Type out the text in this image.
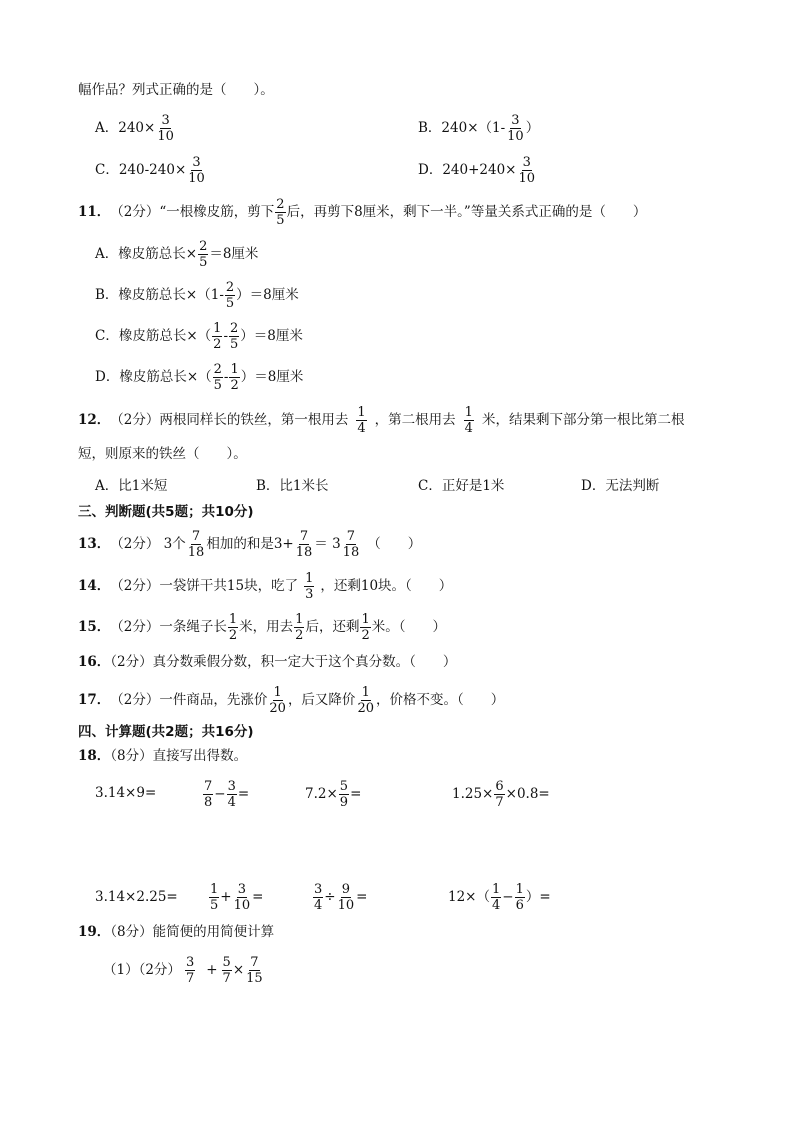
幅作品？列式正确的是（　　）。
A． $240\times \frac{3}{10}$	B． $240\times(1- \frac{3}{10}$ ）
C． $240-240\times \frac{3}{10}$	D． $240+240\times \frac{3}{10}$
11． （2分）“一根橡皮筋，剪下 $\frac{2}{5}$ 后，再剪下8厘米，剩下一半。”等量关系式正确的是（　　）
A． 橡皮筋总长× $\frac{2}{5} =8$厘米
B． 橡皮筋总长$\times(1- \frac{2}{5} )=8$厘米
C． 橡皮筋总长×（ $\frac{1}{2} - \frac{2}{5} )=8$厘米
D． 橡皮筋总长×（ $\frac{2}{5} - \frac{1}{2} )=8$厘米
12． （2分）两根同样长的铁丝，第一根用去 $\frac{1}{4}$ ，第二根用去 $\frac{1}{4}$ 米，结果剩下部分第一根比第二根
短，则原来的铁丝（　　）。
A．比1米短	B．比1米长	C．正好是1米	D．无法判断
三、判断题(共5题；共10分)
13． （2分） 3个 $\frac{7}{18}$ 相加的和是$3+ \frac{7}{18} = 3 \frac{7}{18}$ （　　）
14． （2分）一袋饼干共15块，吃了 $\frac{1}{3}$ ，还剩10块。（　　）
15． （2分）一条绳子长 $\frac{1}{2}$ 米，用去 $\frac{1}{2}$ 后，还剩 $\frac{1}{2}$ 米。（　　）
16．（2分）真分数乘假分数，积一定大于这个真分数。（　　）
17． （2分）一件商品，先涨价 $\frac{1}{20}$ ，后又降价 $\frac{1}{20}$ ，价格不变。（　　）
四、计算题(共2题；共16分)
18．（8分）直接写出得数。
3.14×9=	$\frac{7}{8} - \frac{3}{4}$ =	$7.2\times \frac{5}{9}$ =	$1.25\times \frac{6}{7} \times 0.8=$
$3.14\times 2.25= \frac{1}{5} + \frac{3}{10}$ =	$\frac{3}{4} \div \frac{9}{10}$ =	$12\times( \frac{1}{4} - \frac{1}{6}$ ）=
19．（8分）能简便的用简便计算
（1）（2分） $\frac{3}{7} + \frac{5}{7} \times \frac{7}{15}$
